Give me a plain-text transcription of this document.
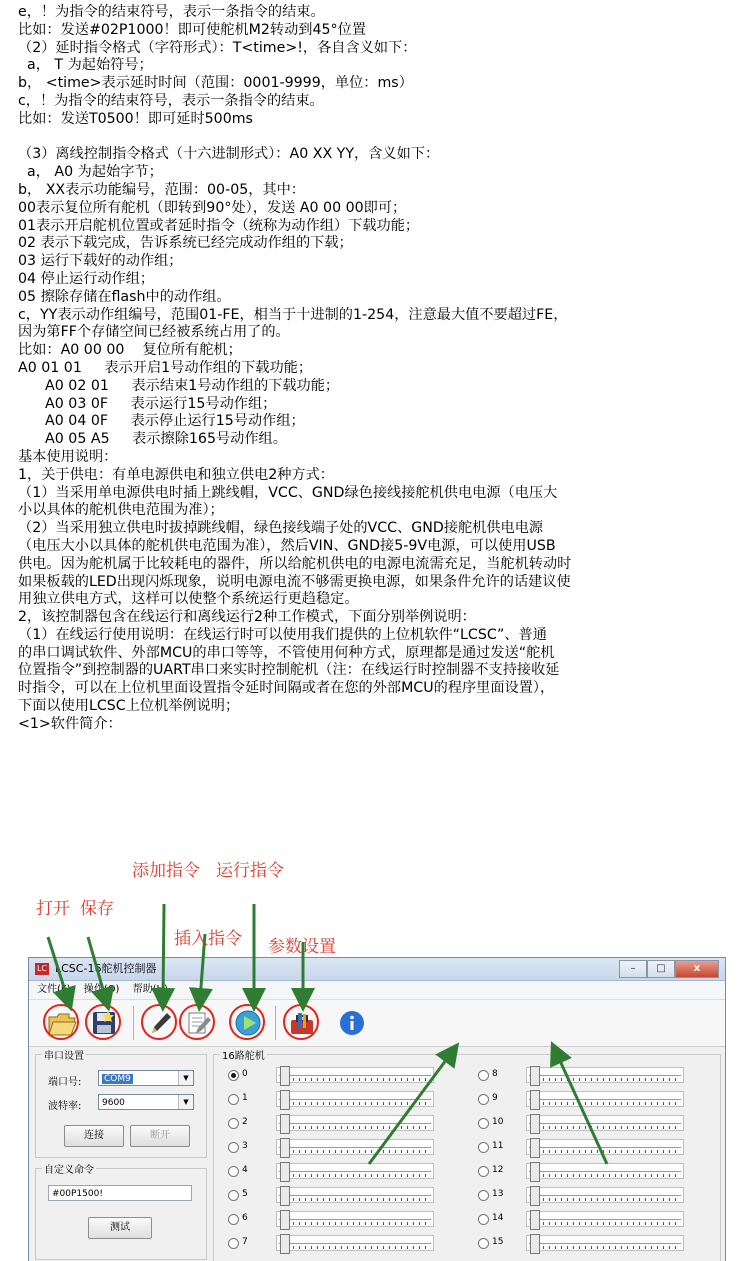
e，！为指令的结束符号，表示一条指令的结束。
比如：发送#02P1000！即可使舵机M2转动到45°位置
（2）延时指令格式（字符形式）：T<time>!，各自含义如下：
a， T 为起始符号；
b， <time>表示延时时间（范围：0001-9999，单位：ms）
c，！为指令的结束符号，表示一条指令的结束。
比如：发送T0500！即可延时500ms
（3）离线控制指令格式（十六进制形式）：A0 XX YY，含义如下：
a， A0 为起始字节；
b， XX表示功能编号，范围：00-05，其中：
00表示复位所有舵机（即转到90°处），发送 A0 00 00即可；
01表示开启舵机位置或者延时指令（统称为动作组）下载功能；
02 表示下载完成，告诉系统已经完成动作组的下载；
03 运行下载好的动作组；
04 停止运行动作组；
05 擦除存储在flash中的动作组。
c，YY表示动作组编号，范围01-FE，相当于十进制的1-254，注意最大值不要超过FE，
因为第FF个存储空间已经被系统占用了的。
比如：A0 00 00    复位所有舵机；
A0 01 01     表示开启1号动作组的下载功能；
A0 02 01     表示结束1号动作组的下载功能；
A0 03 0F     表示运行15号动作组；
A0 04 0F     表示停止运行15号动作组；
A0 05 A5     表示擦除165号动作组。
基本使用说明：
1，关于供电：有单电源供电和独立供电2种方式：
（1）当采用单电源供电时插上跳线帽，VCC、GND绿色接线接舵机供电电源（电压大
小以具体的舵机供电范围为准）；
（2）当采用独立供电时拔掉跳线帽，绿色接线端子处的VCC、GND接舵机供电电源
（电压大小以具体的舵机供电范围为准），然后VIN、GND接5-9V电源，可以使用USB
供电。因为舵机属于比较耗电的器件，所以给舵机供电的电源电流需充足，当舵机转动时
如果板载的LED出现闪烁现象，说明电源电流不够需更换电源，如果条件允许的话建议使
用独立供电方式，这样可以使整个系统运行更趋稳定。
2，该控制器包含在线运行和离线运行2种工作模式，下面分别举例说明：
（1）在线运行使用说明：在线运行时可以使用我们提供的上位机软件“LCSC”、普通
的串口调试软件、外部MCU的串口等等，不管使用何种方式，原理都是通过发送“舵机
位置指令”到控制器的UART串口来实时控制舵机（注：在线运行时控制器不支持接收延
时指令，可以在上位机里面设置指令延时间隔或者在您的外部MCU的程序里面设置），
下面以使用LCSC上位机举例说明；
<1>软件简介：
添加指令 运行指令
打开 保存
插入指令 参数设置
LC LCSC-16舵机控制器	–	□	x
文件(F) 操作(O) 帮助(H)
串口设置
端口号:	COM9	▼
波特率:	9600	▼
连接	断开
自定义命令
#00P1500!
测试
16路舵机
0
1
2
3
4
5
6
7
8
9
10
11
12
13
14
15
